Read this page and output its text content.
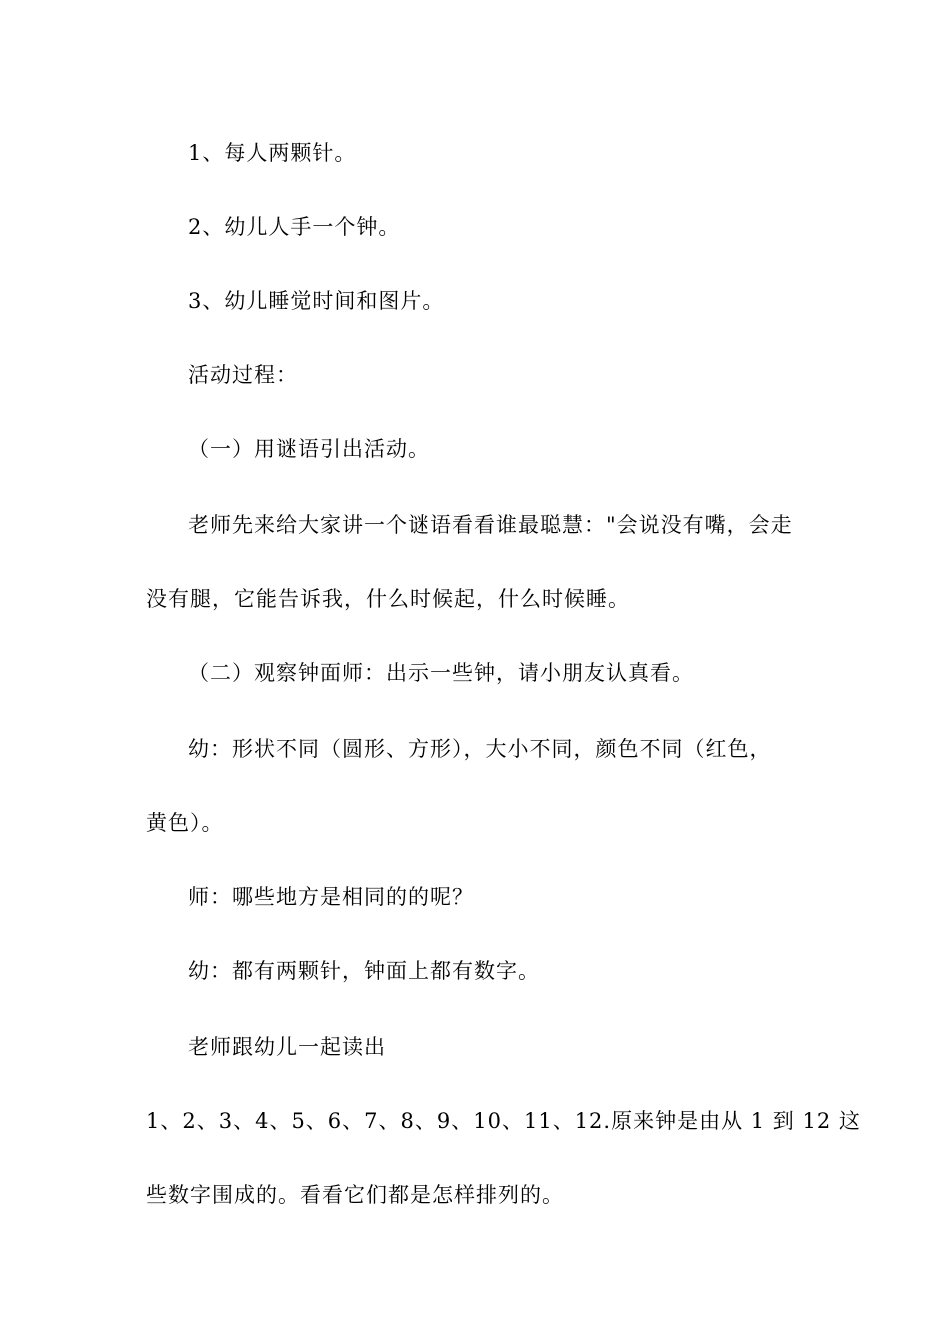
1、每人两颗针。
2、幼儿人手一个钟。
3、幼儿睡觉时间和图片。
活动过程：
（一）用谜语引出活动。
老师先来给大家讲一个谜语看看谁最聪慧："会说没有嘴，会走
没有腿，它能告诉我，什么时候起，什么时候睡。
（二）观察钟面师：出示一些钟，请小朋友认真看。
幼：形状不同（圆形、方形），大小不同，颜色不同（红色，
黄色）。
师：哪些地方是相同的的呢？
幼：都有两颗针，钟面上都有数字。
老师跟幼儿一起读出
1、2、3、4、5、6、7、8、9、10、11、12.原来钟是由从 1 到 12 这
些数字围成的。看看它们都是怎样排列的。
